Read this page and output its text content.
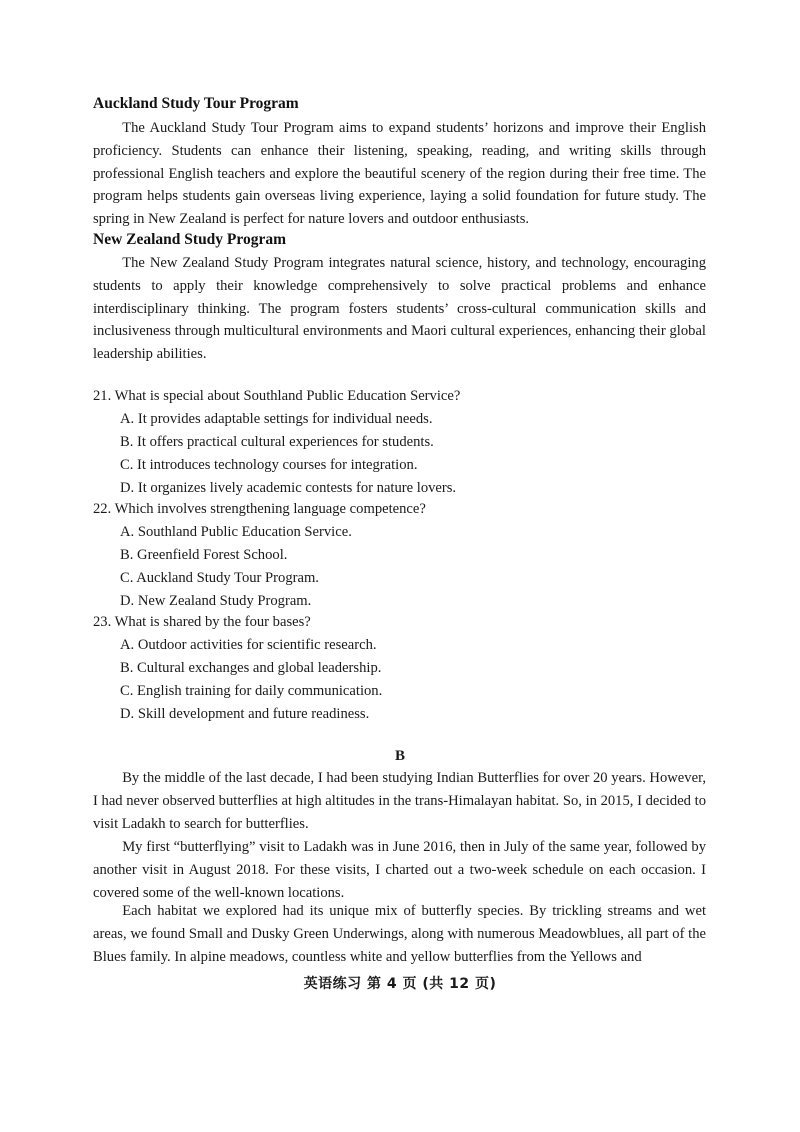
Auckland Study Tour Program

The Auckland Study Tour Program aims to expand students’ horizons and improve their English proficiency. Students can enhance their listening, speaking, reading, and writing skills through professional English teachers and explore the beautiful scenery of the region during their free time. The program helps students gain overseas living experience, laying a solid foundation for future study. The spring in New Zealand is perfect for nature lovers and outdoor enthusiasts.

New Zealand Study Program

The New Zealand Study Program integrates natural science, history, and technology, encouraging students to apply their knowledge comprehensively to solve practical problems and enhance interdisciplinary thinking. The program fosters students’ cross-cultural communication skills and inclusiveness through multicultural environments and Maori cultural experiences, enhancing their global leadership abilities.

21. What is special about Southland Public Education Service?
A. It provides adaptable settings for individual needs.
B. It offers practical cultural experiences for students.
C. It introduces technology courses for integration.
D. It organizes lively academic contests for nature lovers.
22. Which involves strengthening language competence?
A. Southland Public Education Service.
B. Greenfield Forest School.
C. Auckland Study Tour Program.
D. New Zealand Study Program.
23. What is shared by the four bases?
A. Outdoor activities for scientific research.
B. Cultural exchanges and global leadership.
C. English training for daily communication.
D. Skill development and future readiness.
B

By the middle of the last decade, I had been studying Indian Butterflies for over 20 years. However, I had never observed butterflies at high altitudes in the trans-Himalayan habitat. So, in 2015, I decided to visit Ladakh to search for butterflies.

My first “butterflying” visit to Ladakh was in June 2016, then in July of the same year, followed by another visit in August 2018. For these visits, I charted out a two-week schedule on each occasion. I covered some of the well-known locations.

Each habitat we explored had its unique mix of butterfly species. By trickling streams and wet areas, we found Small and Dusky Green Underwings, along with numerous Meadowblues, all part of the Blues family. In alpine meadows, countless white and yellow butterflies from the Yellows and

英语练习 第 4 页 (共 12 页)
